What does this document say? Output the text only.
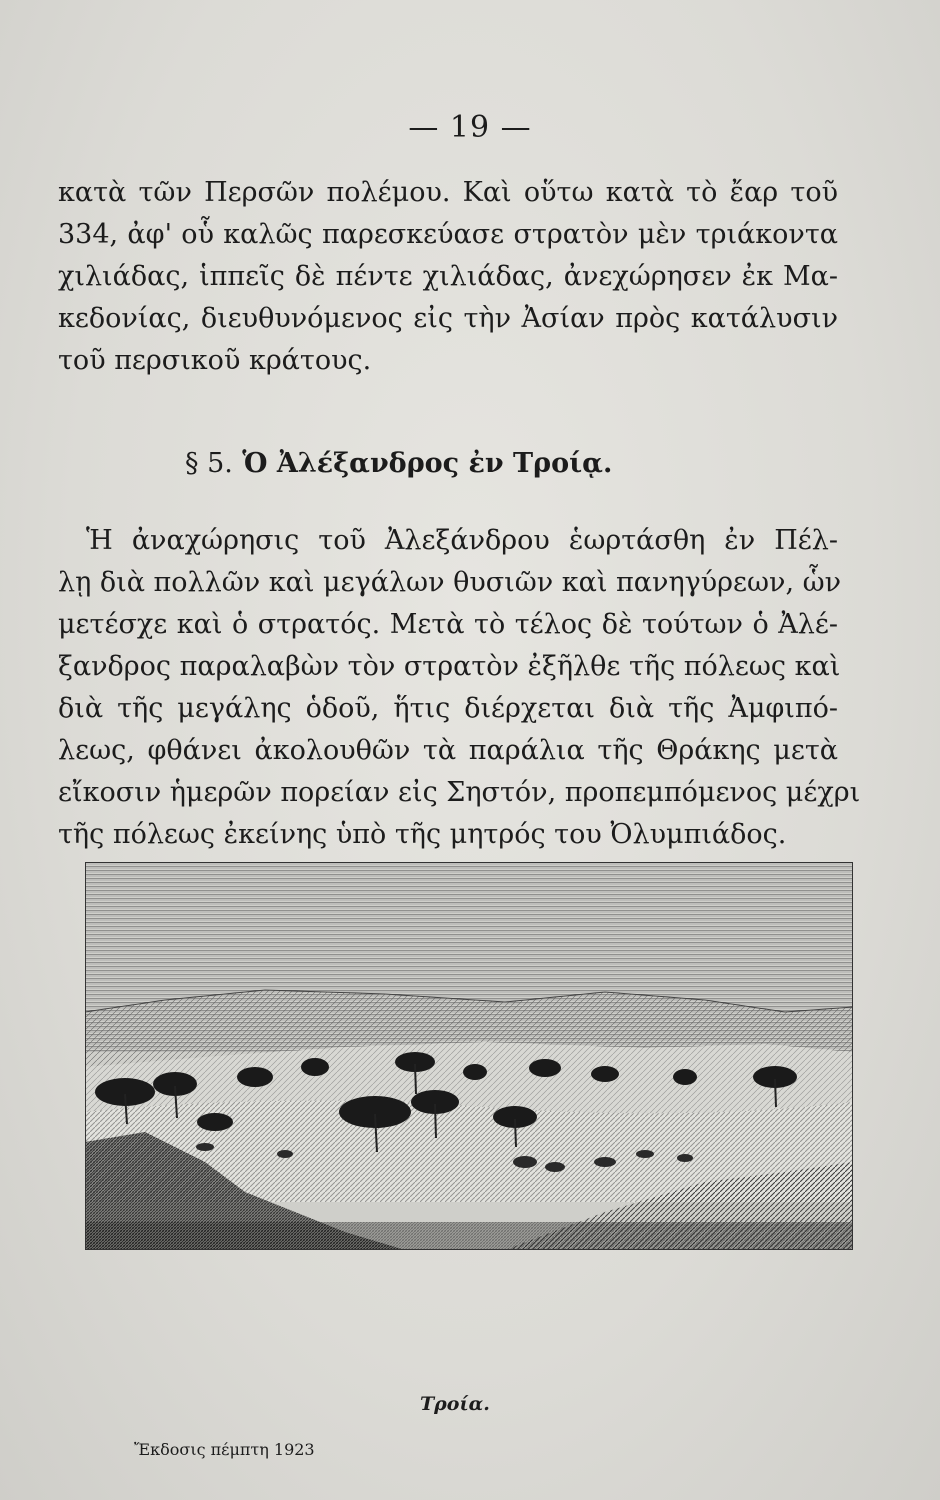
— 19 —
κατὰ τῶν Περσῶν πολέμου. Καὶ οὕτω κατὰ τὸ ἔαρ τοῦ
334, ἀφ' οὗ καλῶς παρεσκεύασε στρατὸν μὲν τριάκοντα
χιλιάδας, ἱππεῖς δὲ πέντε χιλιάδας, ἀνεχώρησεν ἐκ Μα-
κεδονίας, διευθυνόμενος εἰς τὴν Ἀσίαν πρὸς κατάλυσιν
τοῦ περσικοῦ κράτους.
§ 5. Ὁ Ἀλέξανδρος ἐν Τροίᾳ.
Ἡ ἀναχώρησις τοῦ Ἀλεξάνδρου ἑωρτάσθη ἐν Πέλ-
λῃ διὰ πολλῶν καὶ μεγάλων θυσιῶν καὶ πανηγύρεων, ὧν
μετέσχε καὶ ὁ στρατός. Μετὰ τὸ τέλος δὲ τούτων ὁ Ἀλέ-
ξανδρος παραλαβὼν τὸν στρατὸν ἐξῆλθε τῆς πόλεως καὶ
διὰ τῆς μεγάλης ὁδοῦ, ἥτις διέρχεται διὰ τῆς Ἀμφιπό-
λεως, φθάνει ἀκολουθῶν τὰ παράλια τῆς Θράκης μετὰ
εἴκοσιν ἡμερῶν πορείαν εἰς Σηστόν, προπεμπόμενος μέχρι
τῆς πόλεως ἐκείνης ὑπὸ τῆς μητρός του Ὀλυμπιάδος.
Τροία.
Ἔκδοσις πέμπτη 1923
